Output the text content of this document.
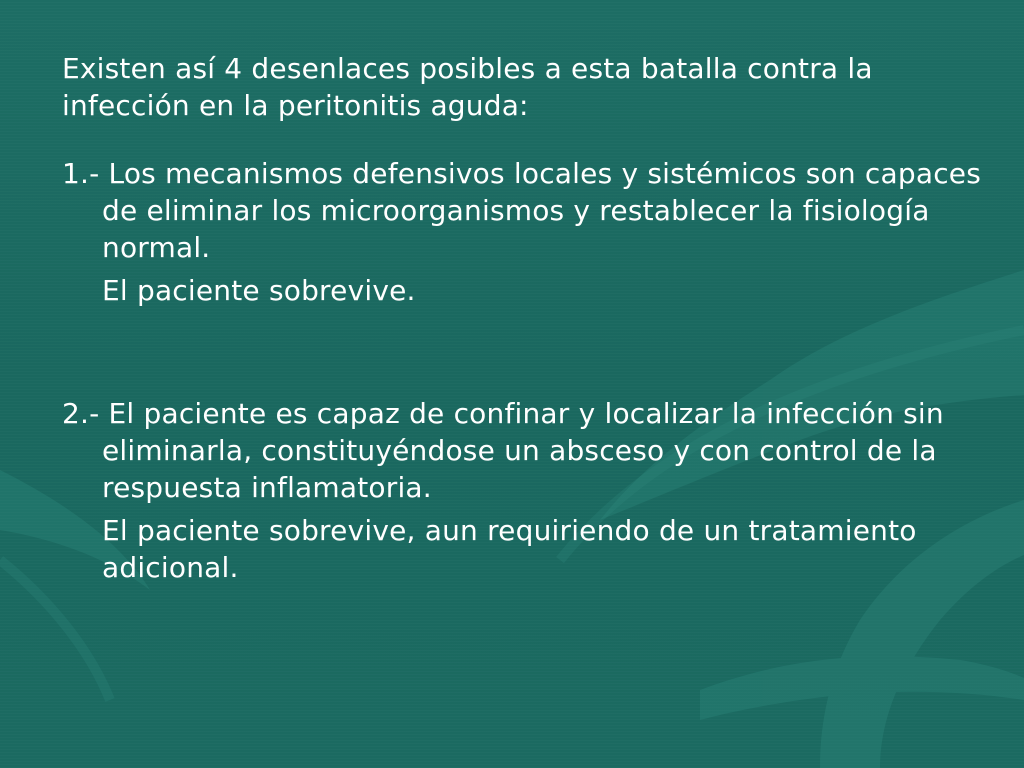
Existen así 4 desenlaces posibles a esta batalla contra la infección en la peritonitis aguda:

1.- Los mecanismos defensivos locales y sistémicos son capaces de eliminar los microorganismos y restablecer la fisiología normal.

El paciente sobrevive.

2.- El paciente es capaz de confinar y localizar la infección sin eliminarla, constituyéndose un absceso y con control de la respuesta inflamatoria.

El paciente sobrevive, aun requiriendo de un tratamiento adicional.
